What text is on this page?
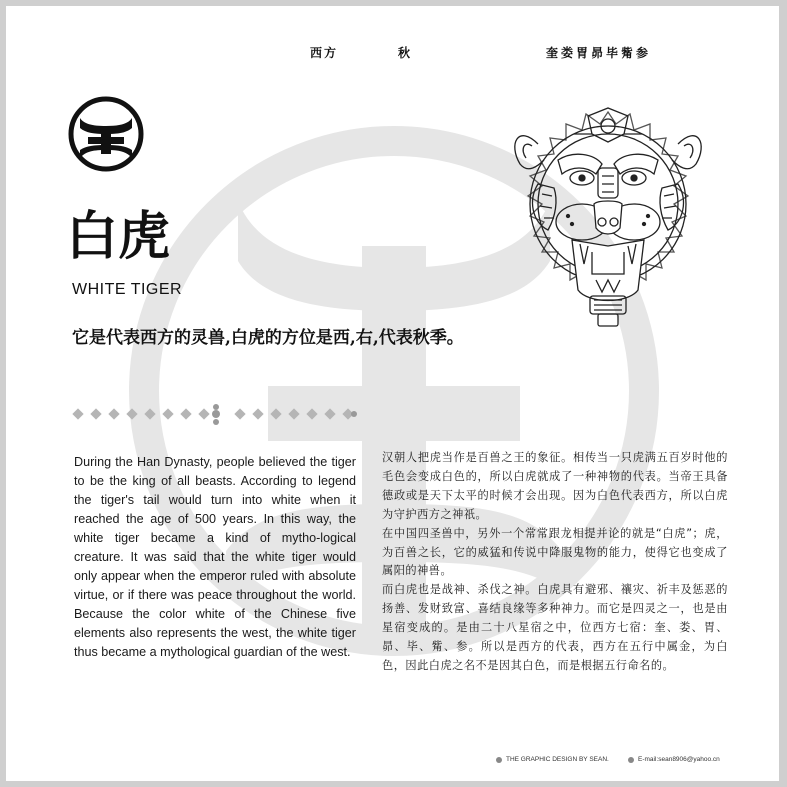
西方	秋	奎娄胃昴毕觜参
白虎
WHITE TIGER
它是代表西方的灵兽,白虎的方位是西,右,代表秋季。
During the Han Dynasty, people believed the tiger to be the king of all beasts. According to legend the tiger's tail would turn into white when it reached the age of 500 years. In this way, the white tiger became a kind of mytho-logical creature. It was said that the white tiger would only appear when the emperor ruled with absolute virtue, or if there was peace throughout the world. Because the color white of the Chinese five elements also represents the west, the white tiger thus became a mythological guardian of the west.

汉朝人把虎当作是百兽之王的象征。相传当一只虎满五百岁时他的毛色会变成白色的，所以白虎就成了一种神物的代表。当帝王具备德政或是天下太平的时候才会出现。因为白色代表西方，所以白虎为守护西方之神祇。

在中国四圣兽中，另外一个常常跟龙相提并论的就是“白虎”；虎，为百兽之长，它的威猛和传说中降服鬼物的能力，使得它也变成了属阳的神兽。

而白虎也是战神、杀伐之神。白虎具有避邪、禳灾、祈丰及惩恶的扬善、发财致富、喜结良缘等多种神力。而它是四灵之一，也是由星宿变成的。是由二十八星宿之中，位西方七宿：奎、娄、胃、昴、毕、觜、参。所以是西方的代表，西方在五行中属金，为白色，因此白虎之名不是因其白色，而是根据五行命名的。

THE GRAPHIC DESIGN BY SEAN.	E-mail:sean8906@yahoo.cn
